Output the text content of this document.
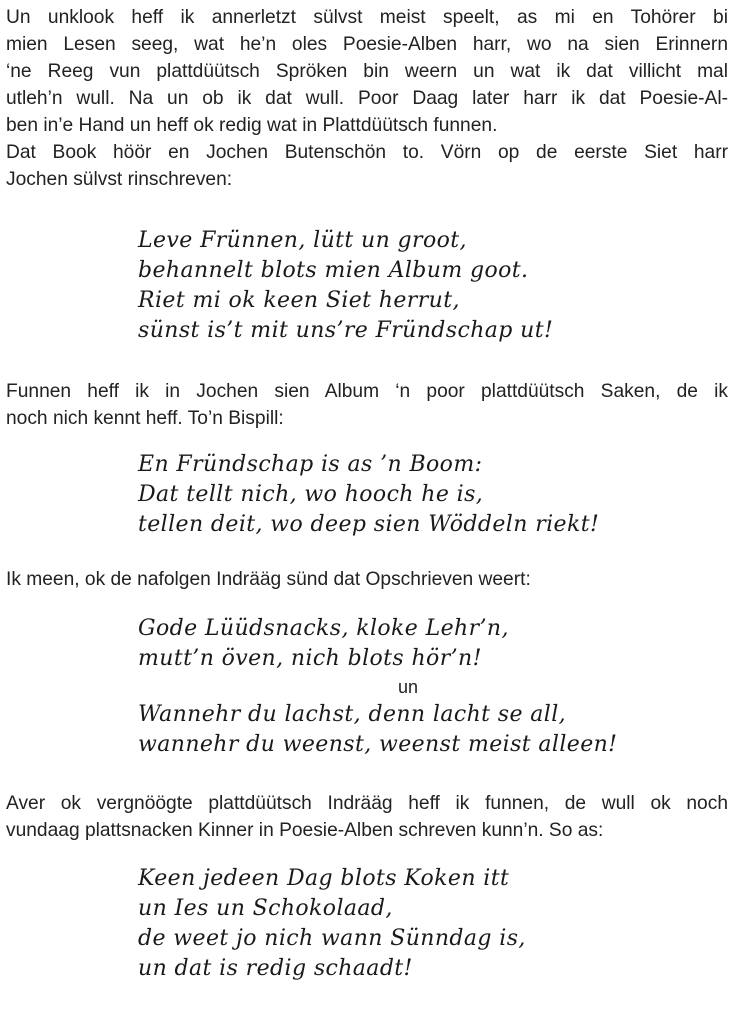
Un unklook heff ik annerletzt sülvst meist speelt, as mi en Tohörer bi
mien Lesen seeg, wat he’n oles Poesie-Alben harr, wo na sien Erinnern
‘ne Reeg vun plattdüütsch Spröken bin weern un wat ik dat villicht mal
utleh’n wull. Na un ob ik dat wull. Poor Daag later harr ik dat Poesie-Al-
ben in’e Hand un heff ok redig wat in Plattdüütsch funnen.
Dat Book höör en Jochen Butenschön to. Vörn op de eerste Siet harr
Jochen sülvst rinschreven:
Leve Frünnen, lütt un groot,
behannelt blots mien Album goot.
Riet mi ok keen Siet herrut,
sünst is’t mit uns’re Fründschap ut!
Funnen heff ik in Jochen sien Album ‘n poor plattdüütsch Saken, de ik
noch nich kennt heff. To’n Bispill:
En Fründschap is as ’n Boom:
Dat tellt nich, wo hooch he is,
tellen deit, wo deep sien Wöddeln riekt!
Ik meen, ok de nafolgen Indrääg sünd dat Opschrieven weert:
Gode Lüüdsnacks, kloke Lehr’n,
mutt’n öven, nich blots hör’n!
un
Wannehr du lachst, denn lacht se all,
wannehr du weenst, weenst meist alleen!
Aver ok vergnöögte plattdüütsch Indrääg heff ik funnen, de wull ok noch
vundaag plattsnacken Kinner in Poesie-Alben schreven kunn’n. So as:
Keen jedeen Dag blots Koken itt
un Ies un Schokolaad,
de weet jo nich wann Sünndag is,
un dat is redig schaadt!
